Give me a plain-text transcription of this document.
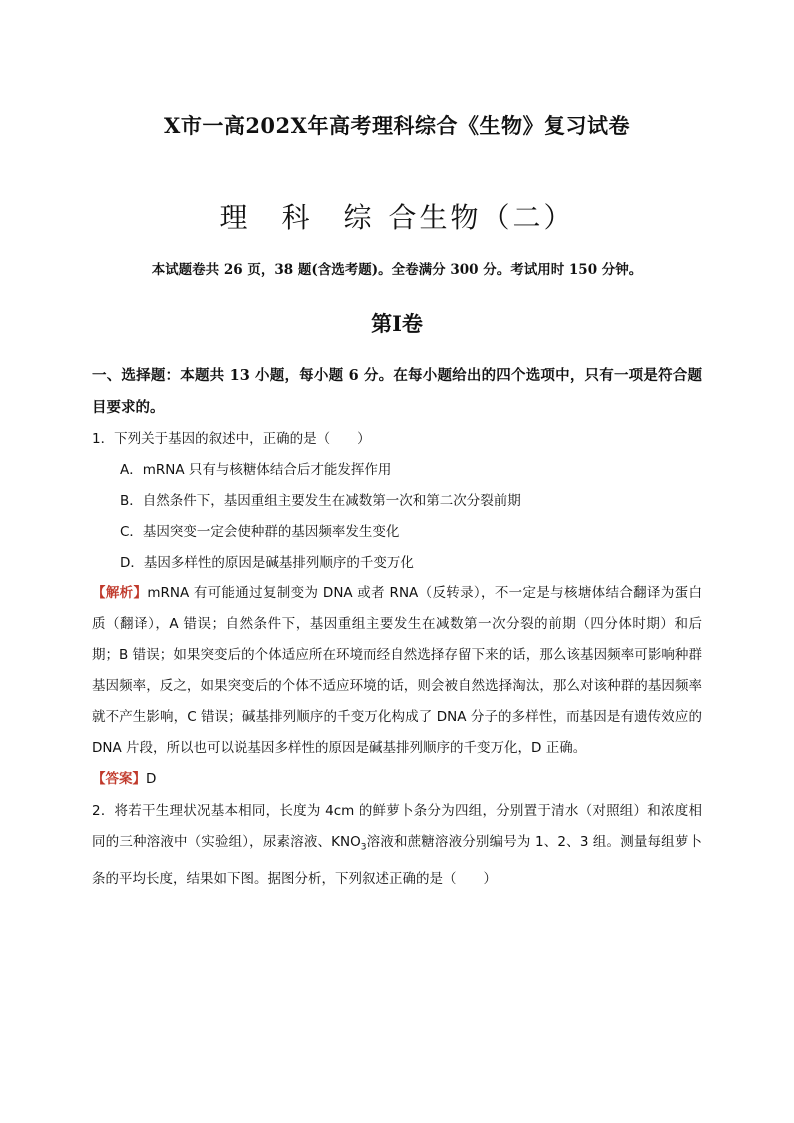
X市一高202X年高考理科综合《生物》复习试卷
理　科　综 合生物（二）
本试题卷共 26 页，38 题(含选考题)。全卷满分 300 分。考试用时 150 分钟。
第Ⅰ卷
一、选择题：本题共 13 小题，每小题 6 分。在每小题给出的四个选项中，只有一项是符合题目要求的。
1．下列关于基因的叙述中，正确的是（　　）
A．mRNA 只有与核糖体结合后才能发挥作用
B．自然条件下，基因重组主要发生在减数第一次和第二次分裂前期
C．基因突变一定会使种群的基因频率发生变化
D．基因多样性的原因是碱基排列顺序的千变万化
【解析】mRNA 有可能通过复制变为 DNA 或者 RNA（反转录），不一定是与核塘体结合翻译为蛋白质（翻译），A 错误；自然条件下，基因重组主要发生在减数第一次分裂的前期（四分体时期）和后期；B 错误；如果突变后的个体适应所在环境而经自然选择存留下来的话，那么该基因频率可影响种群基因频率，反之，如果突变后的个体不适应环境的话，则会被自然选择淘汰，那么对该种群的基因频率就不产生影响，C 错误；碱基排列顺序的千变万化构成了 DNA 分子的多样性，而基因是有遗传效应的 DNA 片段，所以也可以说基因多样性的原因是碱基排列顺序的千变万化，D 正确。
【答案】D
2．将若干生理状况基本相同，长度为 4cm 的鲜萝卜条分为四组，分别置于清水（对照组）和浓度相同的三种溶液中（实验组），尿素溶液、$KNO_3$溶液和蔗糖溶液分别编号为 1、2、3 组。测量每组萝卜条的平均长度，结果如下图。据图分析，下列叙述正确的是（　　）
